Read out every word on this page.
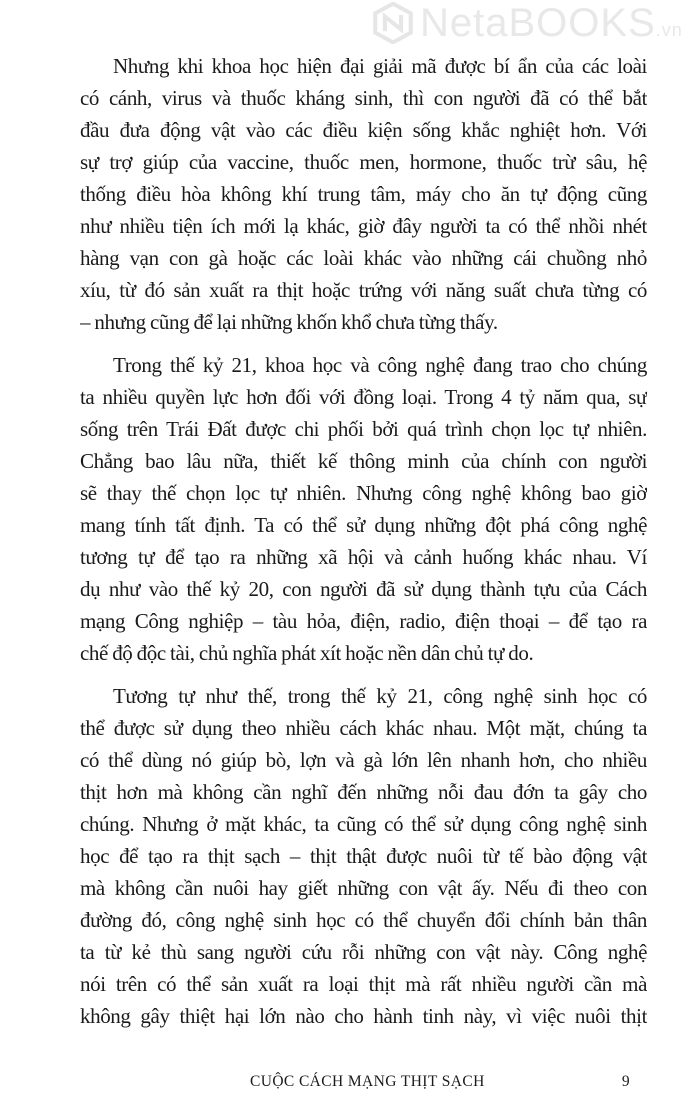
Nhưng khi khoa học hiện đại giải mã được bí ẩn của các loài
có cánh, virus và thuốc kháng sinh, thì con người đã có thể bắt
đầu đưa động vật vào các điều kiện sống khắc nghiệt hơn. Với
sự trợ giúp của vaccine, thuốc men, hormone, thuốc trừ sâu, hệ
thống điều hòa không khí trung tâm, máy cho ăn tự động cũng
như nhiều tiện ích mới lạ khác, giờ đây người ta có thể nhồi nhét
hàng vạn con gà hoặc các loài khác vào những cái chuồng nhỏ
xíu, từ đó sản xuất ra thịt hoặc trứng với năng suất chưa từng có
– nhưng cũng để lại những khốn khổ chưa từng thấy.
Trong thế kỷ 21, khoa học và công nghệ đang trao cho chúng
ta nhiều quyền lực hơn đối với đồng loại. Trong 4 tỷ năm qua, sự
sống trên Trái Đất được chi phối bởi quá trình chọn lọc tự nhiên.
Chẳng bao lâu nữa, thiết kế thông minh của chính con người
sẽ thay thế chọn lọc tự nhiên. Nhưng công nghệ không bao giờ
mang tính tất định. Ta có thể sử dụng những đột phá công nghệ
tương tự để tạo ra những xã hội và cảnh huống khác nhau. Ví
dụ như vào thế kỷ 20, con người đã sử dụng thành tựu của Cách
mạng Công nghiệp – tàu hỏa, điện, radio, điện thoại – để tạo ra
chế độ độc tài, chủ nghĩa phát xít hoặc nền dân chủ tự do.
Tương tự như thế, trong thế kỷ 21, công nghệ sinh học có
thể được sử dụng theo nhiều cách khác nhau. Một mặt, chúng ta
có thể dùng nó giúp bò, lợn và gà lớn lên nhanh hơn, cho nhiều
thịt hơn mà không cần nghĩ đến những nỗi đau đớn ta gây cho
chúng. Nhưng ở mặt khác, ta cũng có thể sử dụng công nghệ sinh
học để tạo ra thịt sạch – thịt thật được nuôi từ tế bào động vật
mà không cần nuôi hay giết những con vật ấy. Nếu đi theo con
đường đó, công nghệ sinh học có thể chuyển đổi chính bản thân
ta từ kẻ thù sang người cứu rỗi những con vật này. Công nghệ
nói trên có thể sản xuất ra loại thịt mà rất nhiều người cần mà
không gây thiệt hại lớn nào cho hành tinh này, vì việc nuôi thịt
NetaBOOKS.vn
CUỘC CÁCH MẠNG THỊT SẠCH	9
